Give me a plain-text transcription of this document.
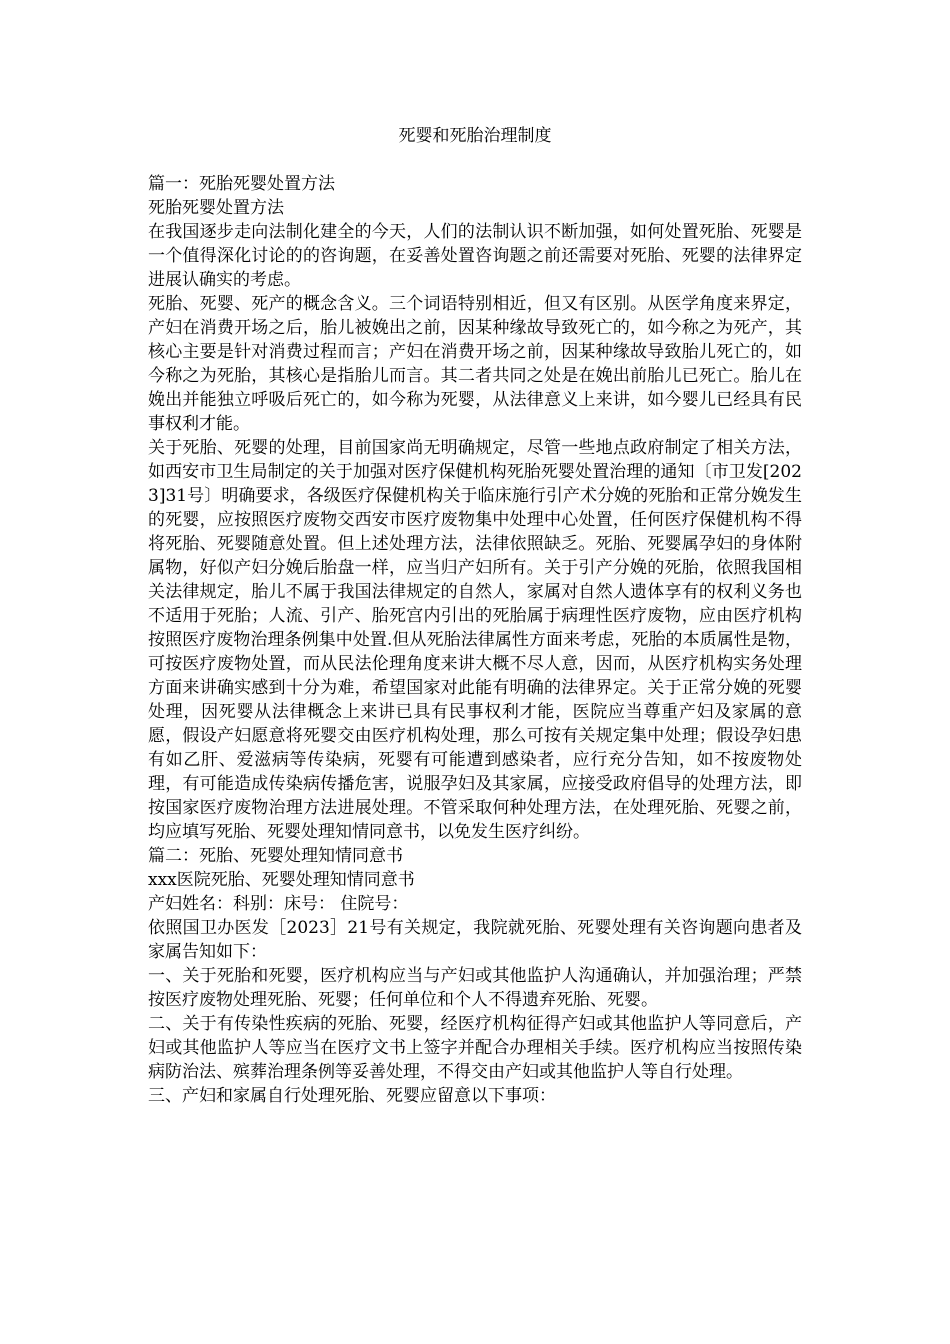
死婴和死胎治理制度

篇一：死胎死婴处置方法

死胎死婴处置方法

在我国逐步走向法制化建全的今天，人们的法制认识不断加强，如何处置死胎、死婴是一个值得深化讨论的的咨询题，在妥善处置咨询题之前还需要对死胎、死婴的法律界定进展认确实的考虑。

死胎、死婴、死产的概念含义。三个词语特别相近，但又有区别。从医学角度来界定，产妇在消费开场之后，胎儿被娩出之前，因某种缘故导致死亡的，如今称之为死产，其核心主要是针对消费过程而言；产妇在消费开场之前，因某种缘故导致胎儿死亡的，如今称之为死胎，其核心是指胎儿而言。其二者共同之处是在娩出前胎儿已死亡。胎儿在娩出并能独立呼吸后死亡的，如今称为死婴，从法律意义上来讲，如今婴儿已经具有民事权利才能。

关于死胎、死婴的处理，目前国家尚无明确规定，尽管一些地点政府制定了相关方法，如西安市卫生局制定的关于加强对医疗保健机构死胎死婴处置治理的通知〔市卫发[2023]31号〕明确要求，各级医疗保健机构关于临床施行引产术分娩的死胎和正常分娩发生的死婴，应按照医疗废物交西安市医疗废物集中处理中心处置，任何医疗保健机构不得将死胎、死婴随意处置。但上述处理方法，法律依照缺乏。死胎、死婴属孕妇的身体附属物，好似产妇分娩后胎盘一样，应当归产妇所有。关于引产分娩的死胎，依照我国相关法律规定，胎儿不属于我国法律规定的自然人，家属对自然人遗体享有的权利义务也不适用于死胎；人流、引产、胎死宫内引出的死胎属于病理性医疗废物，应由医疗机构按照医疗废物治理条例集中处置.但从死胎法律属性方面来考虑，死胎的本质属性是物，可按医疗废物处置，而从民法伦理角度来讲大概不尽人意，因而，从医疗机构实务处理方面来讲确实感到十分为难，希望国家对此能有明确的法律界定。关于正常分娩的死婴处理，因死婴从法律概念上来讲已具有民事权利才能，医院应当尊重产妇及家属的意愿，假设产妇愿意将死婴交由医疗机构处理，那么可按有关规定集中处理；假设孕妇患有如乙肝、爱滋病等传染病，死婴有可能遭到感染者，应行充分告知，如不按废物处理，有可能造成传染病传播危害，说服孕妇及其家属，应接受政府倡导的处理方法，即按国家医疗废物治理方法进展处理。不管采取何种处理方法，在处理死胎、死婴之前，均应填写死胎、死婴处理知情同意书，以免发生医疗纠纷。

篇二：死胎、死婴处理知情同意书

xxx医院死胎、死婴处理知情同意书

产妇姓名：科别：床号： 住院号：

依照国卫办医发［2023］21号有关规定，我院就死胎、死婴处理有关咨询题向患者及家属告知如下：

一、关于死胎和死婴，医疗机构应当与产妇或其他监护人沟通确认，并加强治理；严禁按医疗废物处理死胎、死婴；任何单位和个人不得遗弃死胎、死婴。

二、关于有传染性疾病的死胎、死婴，经医疗机构征得产妇或其他监护人等同意后，产妇或其他监护人等应当在医疗文书上签字并配合办理相关手续。医疗机构应当按照传染病防治法、殡葬治理条例等妥善处理，不得交由产妇或其他监护人等自行处理。

三、产妇和家属自行处理死胎、死婴应留意以下事项：
